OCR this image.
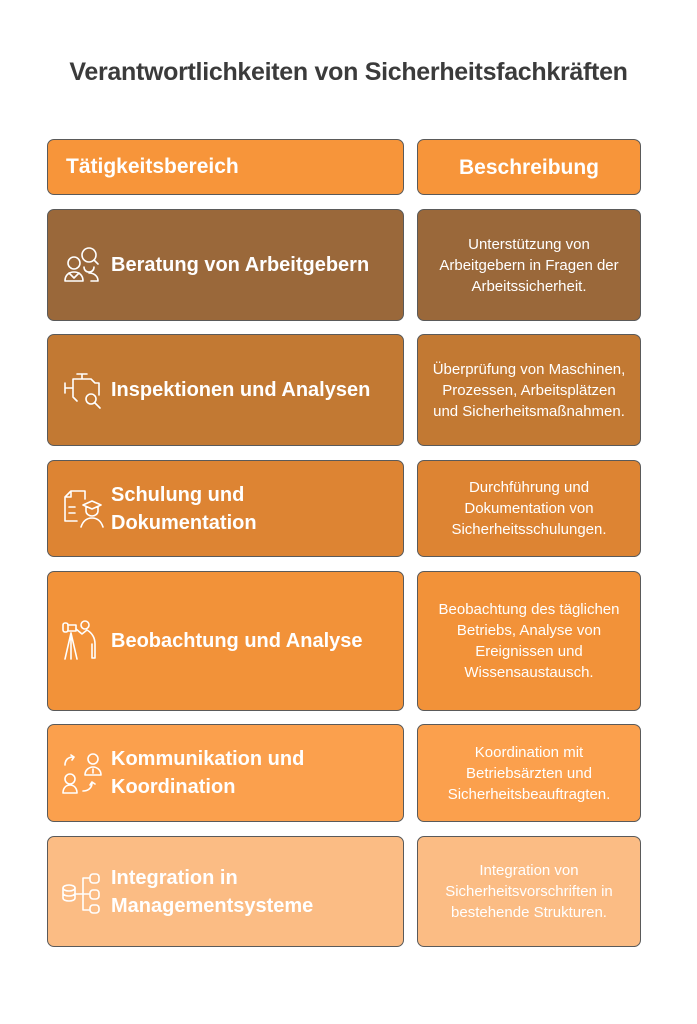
Verantwortlichkeiten von Sicherheitsfachkräften
Tätigkeitsbereich	Beschreibung
Beratung von Arbeitgebern
Unterstützung von Arbeitgebern in Fragen der Arbeitssicherheit.
Inspektionen und Analysen
Überprüfung von Maschinen, Prozessen, Arbeitsplätzen und Sicherheitsmaßnahmen.
Schulung und Dokumentation
Durchführung und Dokumentation von Sicherheitsschulungen.
Beobachtung und Analyse
Beobachtung des täglichen Betriebs, Analyse von Ereignissen und Wissensaustausch.
Kommunikation und Koordination
Koordination mit Betriebsärzten und Sicherheitsbeauftragten.
Integration in Managementsysteme
Integration von Sicherheitsvorschriften in bestehende Strukturen.
